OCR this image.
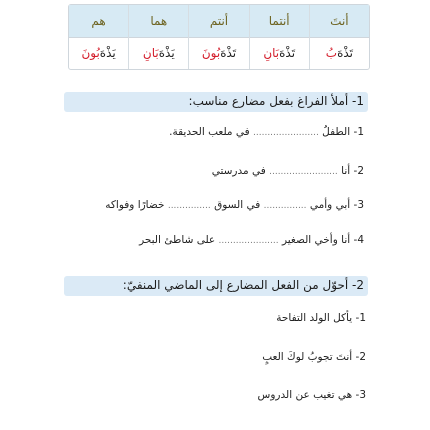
أنتَ
أنتما
أنتم
هما
هم
تَذْهَ
بُ
تَذْهَ
بَانِ
تَذْهَ
بُونَ
يَذْهَ
بَانِ
يَذْهَ
بُونَ
1- أملأ الفراغ بفعل مضارع مناسب:
1- الطفلُ ....................... في ملعب الحديقة.
2- أنا ........................ في مدرستي
3- أبي وأمي ............... في السوق ............... خضارًا وفواكه
4- أنا وأخي الصغير ..................... على شاطئ البحر
2- أحوّل من الفعل المضارع إلى الماضي المنفيّ:
1- يأكل الولد التفاحة
2- أنتَ تجوبُ لوكَ العبٍ
3- هي تغيب عن الدروس
